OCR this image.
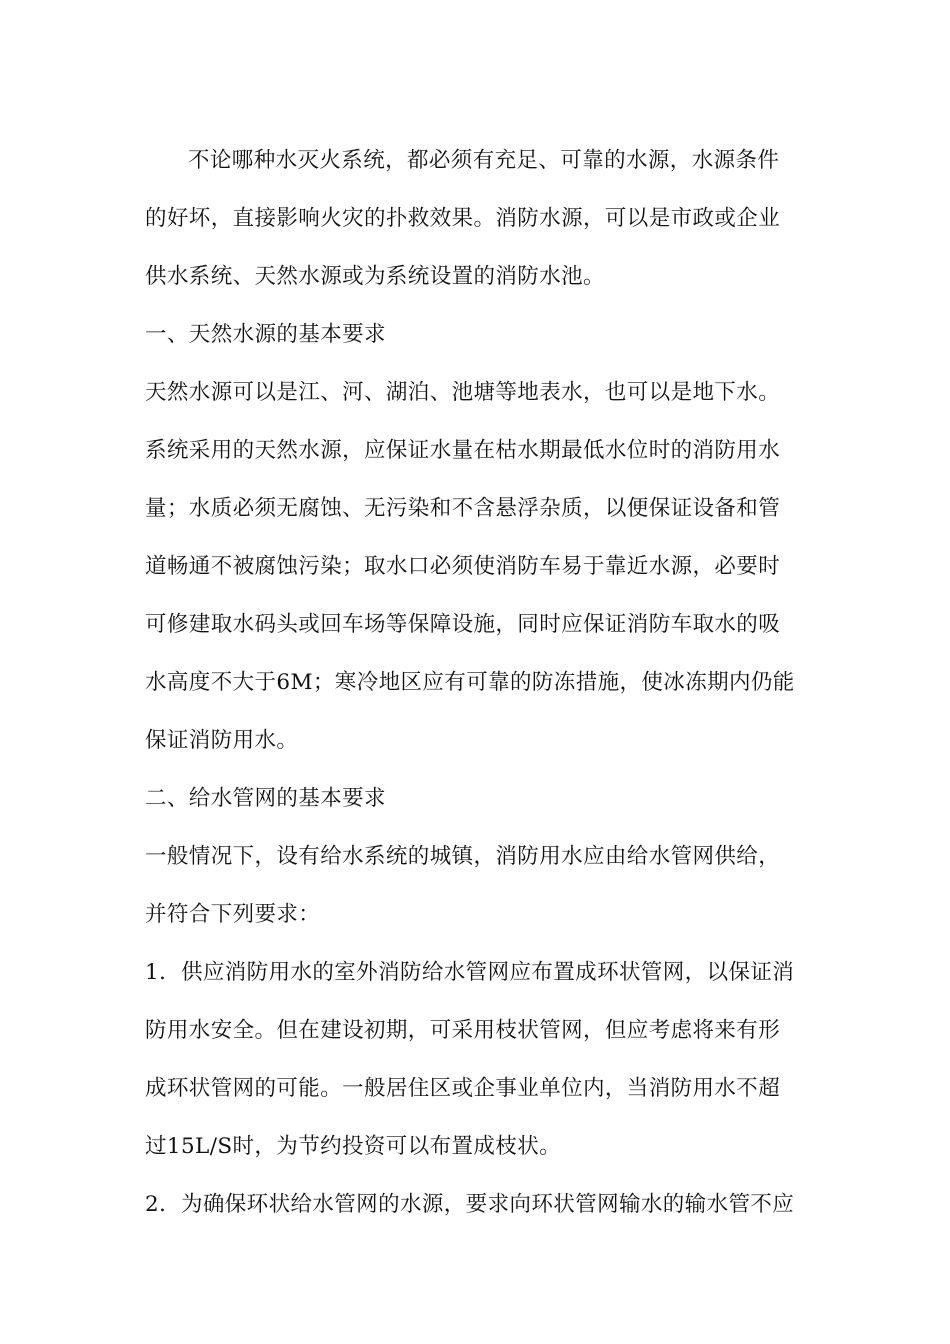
不论哪种水灭火系统，都必须有充足、可靠的水源，水源条件
的好坏，直接影响火灾的扑救效果。消防水源，可以是市政或企业
供水系统、天然水源或为系统设置的消防水池。
一、天然水源的基本要求
天然水源可以是江、河、湖泊、池塘等地表水，也可以是地下水。
系统采用的天然水源，应保证水量在枯水期最低水位时的消防用水
量；水质必须无腐蚀、无污染和不含悬浮杂质，以便保证设备和管
道畅通不被腐蚀污染；取水口必须使消防车易于靠近水源，必要时
可修建取水码头或回车场等保障设施，同时应保证消防车取水的吸
水高度不大于6M；寒冷地区应有可靠的防冻措施，使冰冻期内仍能
保证消防用水。
二、给水管网的基本要求
一般情况下，设有给水系统的城镇，消防用水应由给水管网供给，
并符合下列要求：
1．供应消防用水的室外消防给水管网应布置成环状管网，以保证消
防用水安全。但在建设初期，可采用枝状管网，但应考虑将来有形
成环状管网的可能。一般居住区或企事业单位内，当消防用水不超
过15L/S时，为节约投资可以布置成枝状。
2．为确保环状给水管网的水源，要求向环状管网输水的输水管不应
